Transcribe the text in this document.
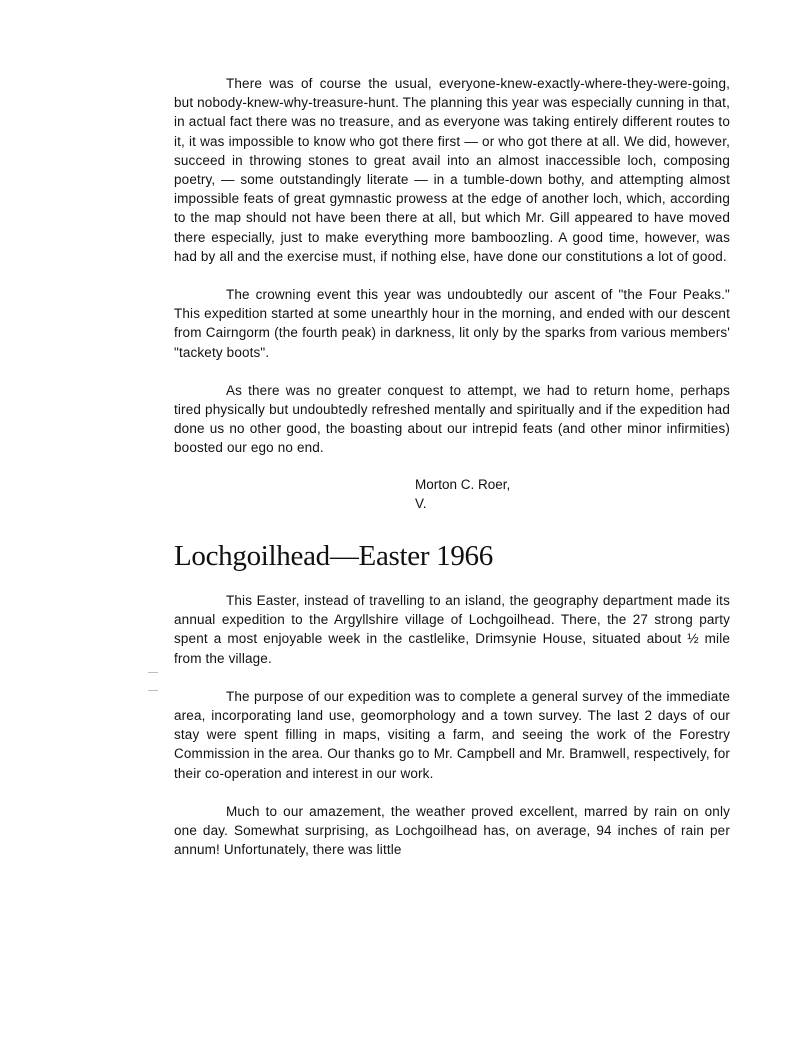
There was of course the usual, everyone-knew-exactly-where-they-were-going, but nobody-knew-why-treasure-hunt. The planning this year was especially cunning in that, in actual fact there was no treasure, and as everyone was taking entirely different routes to it, it was impossible to know who got there first — or who got there at all. We did, however, succeed in throwing stones to great avail into an almost inaccessible loch, composing poetry, — some outstandingly literate — in a tumble-down bothy, and attempting almost impossible feats of great gymnastic prowess at the edge of another loch, which, according to the map should not have been there at all, but which Mr. Gill appeared to have moved there especially, just to make everything more bamboozling. A good time, however, was had by all and the exercise must, if nothing else, have done our constitutions a lot of good.

The crowning event this year was undoubtedly our ascent of "the Four Peaks." This expedition started at some unearthly hour in the morning, and ended with our descent from Cairngorm (the fourth peak) in darkness, lit only by the sparks from various members' "tackety boots".

As there was no greater conquest to attempt, we had to return home, perhaps tired physically but undoubtedly refreshed mentally and spiritually and if the expedition had done us no other good, the boasting about our intrepid feats (and other minor infirmities) boosted our ego no end.

Morton C. Roer,
V.
Lochgoilhead—Easter 1966

This Easter, instead of travelling to an island, the geography department made its annual expedition to the Argyllshire village of Lochgoilhead. There, the 27 strong party spent a most enjoyable week in the castlelike, Drimsynie House, situated about ½ mile from the village.

The purpose of our expedition was to complete a general survey of the immediate area, incorporating land use, geomorphology and a town survey. The last 2 days of our stay were spent filling in maps, visiting a farm, and seeing the work of the Forestry Commission in the area. Our thanks go to Mr. Campbell and Mr. Bramwell, respectively, for their co-operation and interest in our work.

Much to our amazement, the weather proved excellent, marred by rain on only one day. Somewhat surprising, as Lochgoilhead has, on average, 94 inches of rain per annum! Unfortunately, there was little
